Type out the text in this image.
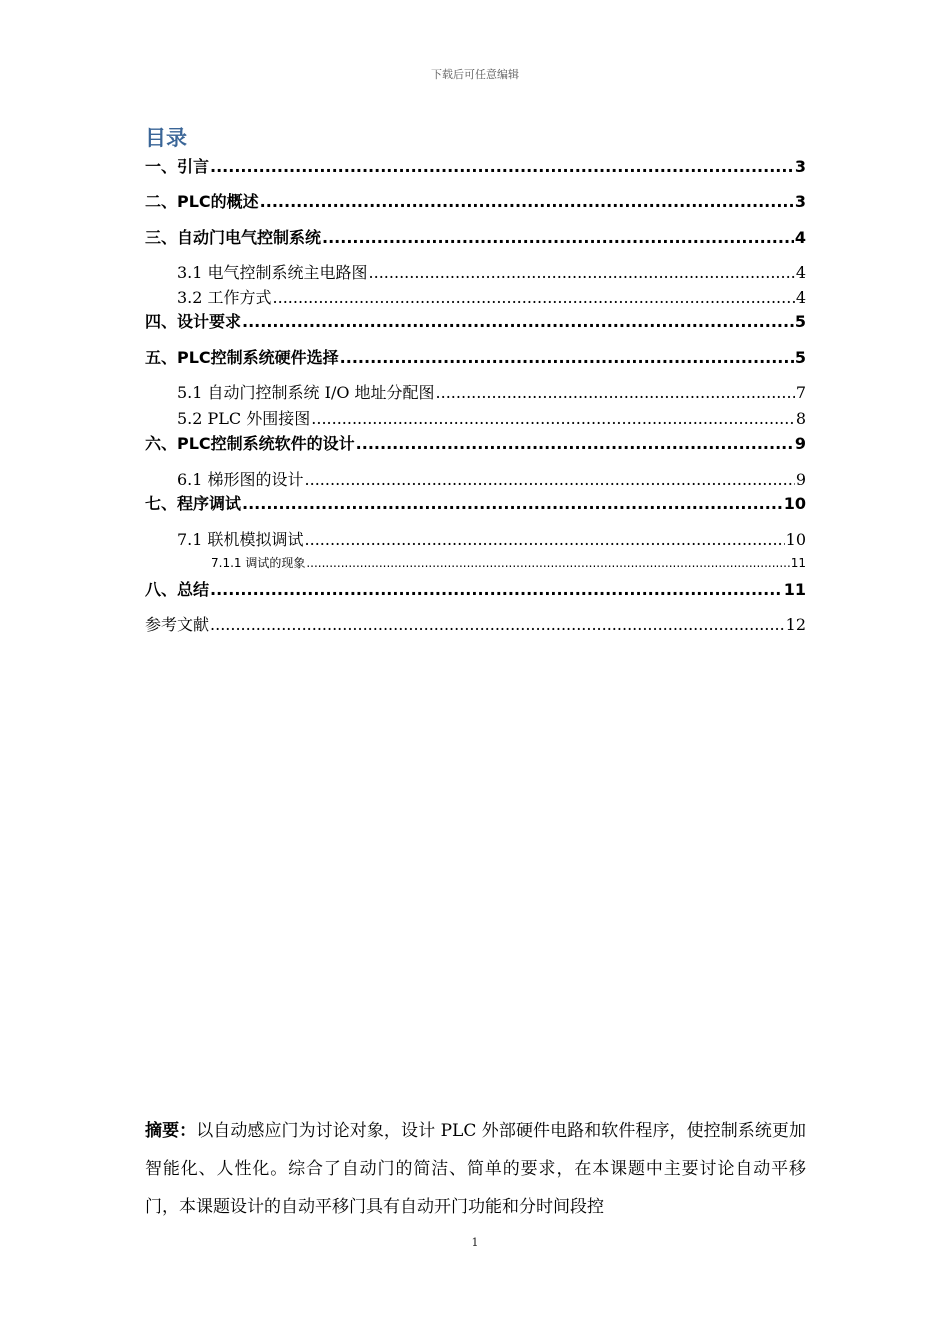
下载后可任意编辑
目录
一、引言 .....	3
二、PLC的概述 .....	3
三、自动门电气控制系统 .....	4
3.1 电气控制系统主电路图 .....	4
3.2 工作方式 .....	4
四、设计要求 .....	5
五、PLC控制系统硬件选择 .....	5
5.1 自动门控制系统 I/O 地址分配图 .....	7
5.2 PLC 外围接图 .....	8
六、PLC控制系统软件的设计 .....	9
6.1 梯形图的设计 .....	9
七、程序调试 .....	10
7.1 联机模拟调试 .....	10
7.1.1 调试的现象 .....	11
八、总结 .....	11
参考文献 .....	12
摘要：以自动感应门为讨论对象，设计 PLC 外部硬件电路和软件程序，使控制系统更加智能化、人性化。综合了自动门的简洁、简单的要求，在本课题中主要讨论自动平移门，本课题设计的自动平移门具有自动开门功能和分时间段控
1
